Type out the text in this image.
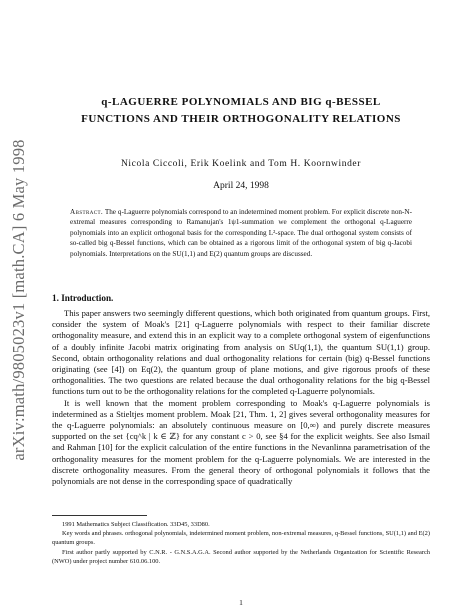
arXiv:math/9805023v1 [math.CA] 6 May 1998
q-LAGUERRE POLYNOMIALS AND BIG q-BESSEL
FUNCTIONS AND THEIR ORTHOGONALITY RELATIONS
Nicola Ciccoli, Erik Koelink and Tom H. Koornwinder
April 24, 1998
Abstract. The q-Laguerre polynomials correspond to an indetermined moment problem. For explicit discrete non-N-extremal measures corresponding to Ramanujan's 1ψ1-summation we complement the orthogonal q-Laguerre polynomials into an explicit orthogonal basis for the corresponding L²-space. The dual orthogonal system consists of so-called big q-Bessel functions, which can be obtained as a rigorous limit of the orthogonal system of big q-Jacobi polynomials. Interpretations on the SU(1,1) and E(2) quantum groups are discussed.
1. Introduction.

This paper answers two seemingly different questions, which both originated from quantum groups. First, consider the system of Moak's [21] q-Laguerre polynomials with respect to their familiar discrete orthogonality measure, and extend this in an explicit way to a complete orthogonal system of eigenfunctions of a doubly infinite Jacobi matrix originating from analysis on SUq(1,1), the quantum SU(1,1) group. Second, obtain orthogonality relations and dual orthogonality relations for certain (big) q-Bessel functions originating (see [4]) on Eq(2), the quantum group of plane motions, and give rigorous proofs of these orthogonalities. The two questions are related because the dual orthogonality relations for the big q-Bessel functions turn out to be the orthogonality relations for the completed q-Laguerre polynomials.

It is well known that the moment problem corresponding to Moak's q-Laguerre polynomials is indetermined as a Stieltjes moment problem. Moak [21, Thm. 1, 2] gives several orthogonality measures for the q-Laguerre polynomials: an absolutely continuous measure on [0,∞) and purely discrete measures supported on the set {cq^k | k ∈ ℤ} for any constant c > 0, see §4 for the explicit weights. See also Ismail and Rahman [10] for the explicit calculation of the entire functions in the Nevanlinna parametrisation of the orthogonality measures for the moment problem for the q-Laguerre polynomials. We are interested in the discrete orthogonality measures. From the general theory of orthogonal polynomials it follows that the polynomials are not dense in the corresponding space of quadratically

1991 Mathematics Subject Classification. 33D45, 33D80.

Key words and phrases. orthogonal polynomials, indetermined moment problem, non-extremal measures, q-Bessel functions, SU(1,1) and E(2) quantum groups.

First author partly supported by C.N.R. - G.N.S.A.G.A. Second author supported by the Netherlands Organization for Scientific Research (NWO) under project number 610.06.100.

1
